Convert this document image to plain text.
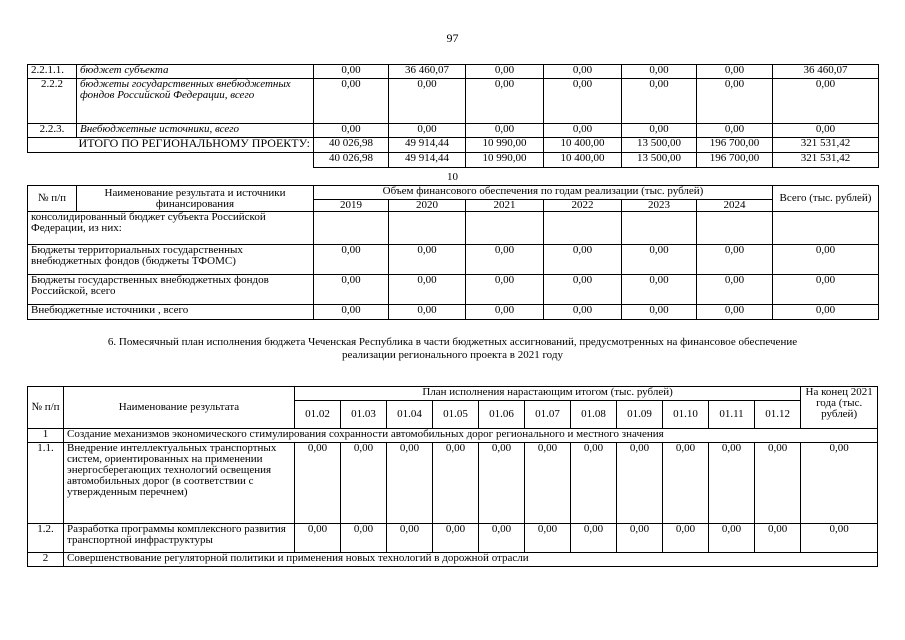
97
2.2.1.1.	бюджет субъекта	0,00	36 460,07	0,00	0,00	0,00	0,00	36 460,07
2.2.2	бюджеты государственных внебюджетных фондов Российской Федерации, всего	0,00	0,00	0,00	0,00	0,00	0,00	0,00
2.2.3.	Внебюджетные источники, всего	0,00	0,00	0,00	0,00	0,00	0,00	0,00
ИТОГО ПО РЕГИОНАЛЬНОМУ ПРОЕКТУ:		40 026,98	49 914,44	10 990,00	10 400,00	13 500,00	196 700,00	321 531,42
		40 026,98	49 914,44	10 990,00	10 400,00	13 500,00	196 700,00	321 531,42
10
№ п/п	Наименование результата и источники финансирования	Объем финансового обеспечения по годам реализации (тыс. рублей)						Всего (тыс. рублей)
		2019	2020	2021	2022	2023	2024	
консолидированный бюджет субъекта Российской Федерации, из них:								
Бюджеты территориальных государственных внебюджетных фондов (бюджеты ТФОМС)		0,00	0,00	0,00	0,00	0,00	0,00	0,00
Бюджеты государственных внебюджетных фондов Российской, всего		0,00	0,00	0,00	0,00	0,00	0,00	0,00
Внебюджетные источники , всего		0,00	0,00	0,00	0,00	0,00	0,00	0,00
6. Помесячный план исполнения бюджета Чеченская Республика в части бюджетных ассигнований, предусмотренных на финансовое обеспечение
реализации регионального проекта в 2021 году
№ п/п	Наименование результата	План исполнения нарастающим итогом (тыс. рублей)											На конец 2021 года (тыс. рублей)
		01.02	01.03	01.04	01.05	01.06	01.07	01.08	01.09	01.10	01.11	01.12	
1	Создание механизмов экономического стимулирования сохранности автомобильных дорог регионального и местного значения												
1.1.	Внедрение интеллектуальных транспортных систем, ориентированных на применении энергосберегающих технологий освещения автомобильных дорог (в соответствии с утвержденным перечнем)	0,00	0,00	0,00	0,00	0,00	0,00	0,00	0,00	0,00	0,00	0,00	0,00
1.2.	Разработка программы комплексного развития транспортной инфраструктуры	0,00	0,00	0,00	0,00	0,00	0,00	0,00	0,00	0,00	0,00	0,00	0,00
2	Совершенствование регуляторной политики и применения новых технологий в дорожной отрасли												
